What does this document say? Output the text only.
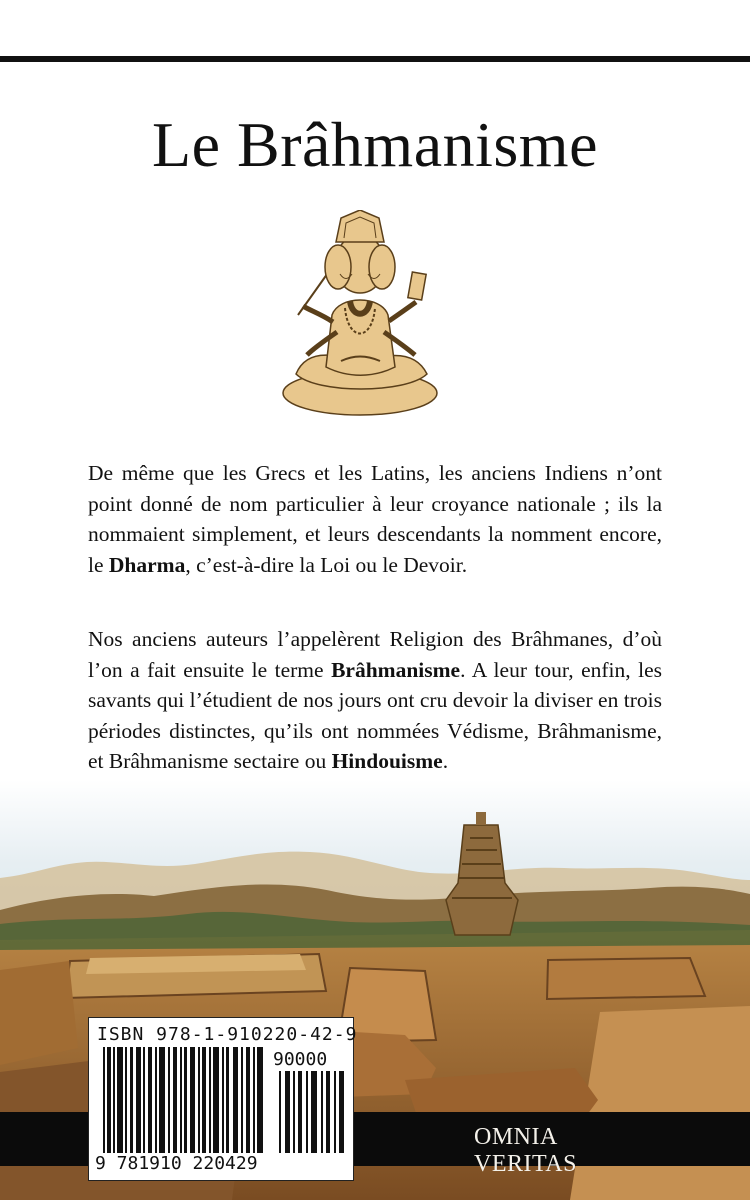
Le Brâhmanisme

De même que les Grecs et les Latins, les anciens Indiens n’ont point donné de nom particulier à leur croyance nationale ; ils la nommaient simplement, et leurs descendants la nomment encore, le Dharma, c’est-à-dire la Loi ou le Devoir.

Nos anciens auteurs l’appelèrent Religion des Brâhmanes, d’où l’on a fait ensuite le terme Brâhmanisme. A leur tour, enfin, les savants qui l’étudient de nos jours ont cru devoir la diviser en trois périodes distinctes, qu’ils ont nommées Védisme, Brâhmanisme, et Brâhmanisme sectaire ou Hindouisme.

OMNIA VERITAS
ISBN 978-1-910220-42-9
90000
9 781910 220429
